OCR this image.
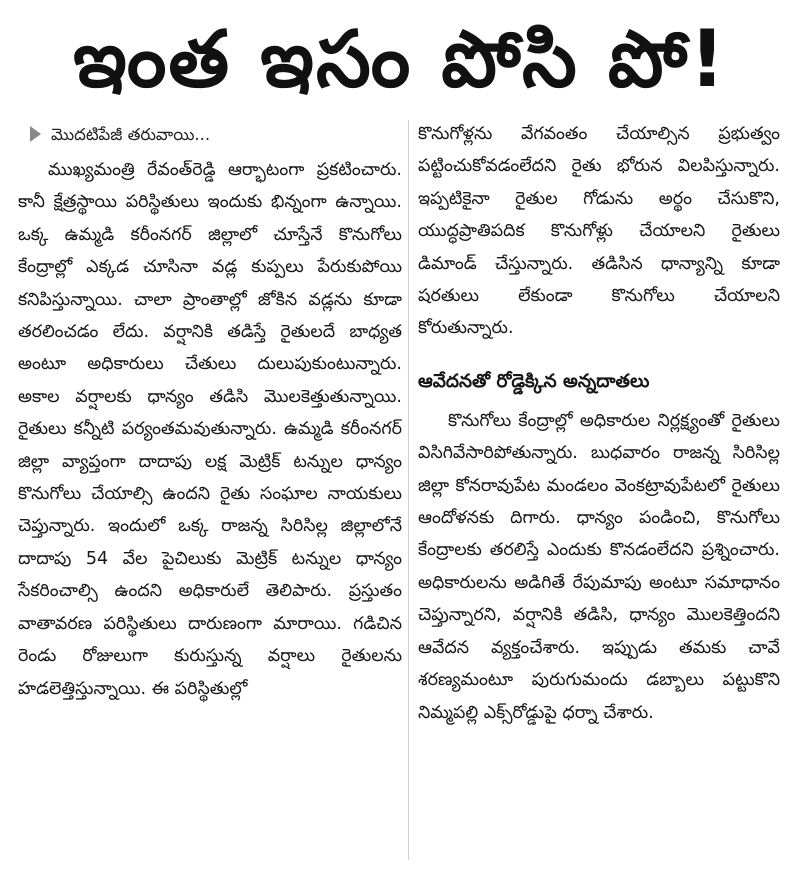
ఇంత ఇసం పోసి పో!
మొదటిపేజీ తరువాయి...

ముఖ్యమంత్రి రేవంత్‌రెడ్డి ఆర్భాటంగా ప్రకటించారు. కానీ క్షేత్రస్థాయి పరిస్థితులు ఇందుకు భిన్నంగా ఉన్నాయి. ఒక్క ఉమ్మడి కరీంనగర్ జిల్లాలో చూస్తేనే కొనుగోలు కేంద్రాల్లో ఎక్కడ చూసినా వడ్ల కుప్పలు పేరుకుపోయి కనిపిస్తున్నాయి. చాలా ప్రాంతాల్లో జోకిన వడ్లను కూడా తరలించడం లేదు. వర్షానికి తడిస్తే రైతులదే బాధ్యత అంటూ అధికారులు చేతులు దులుపుకుంటున్నారు. అకాల వర్షాలకు ధాన్యం తడిసి మొలకెత్తుతున్నాయి. రైతులు కన్నీటి పర్యంతమవుతున్నారు. ఉమ్మడి కరీంనగర్ జిల్లా వ్యాప్తంగా దాదాపు లక్ష మెట్రిక్ టన్నుల ధాన్యం కొనుగోలు చేయాల్సి ఉందని రైతు సంఘాల నాయకులు చెప్తున్నారు. ఇందులో ఒక్క రాజన్న సిరిసిల్ల జిల్లాలోనే దాదాపు 54 వేల పైచిలుకు మెట్రిక్ టన్నుల ధాన్యం సేకరించాల్సి ఉందని అధికారులే తెలిపారు. ప్రస్తుతం వాతావరణ పరిస్థితులు దారుణంగా మారాయి. గడిచిన రెండు రోజులుగా కురుస్తున్న వర్షాలు రైతులను హడలెత్తిస్తున్నాయి. ఈ పరిస్థితుల్లో

కొనుగోళ్లను వేగవంతం చేయాల్సిన ప్రభుత్వం పట్టించుకోవడంలేదని రైతు భోరున విలపిస్తున్నారు. ఇప్పటికైనా రైతుల గోడును అర్థం చేసుకొని, యుద్ధప్రాతిపదిక కొనుగోళ్లు చేయాలని రైతులు డిమాండ్ చేస్తున్నారు. తడిసిన ధాన్యాన్ని కూడా షరతులు లేకుండా కొనుగోలు చేయాలని కోరుతున్నారు.

ఆవేదనతో రోడ్డెక్కిన అన్నదాతలు

కొనుగోలు కేంద్రాల్లో అధికారుల నిర్లక్ష్యంతో రైతులు విసిగివేసారిపోతున్నారు. బుధవారం రాజన్న సిరిసిల్ల జిల్లా కోనరావుపేట మండలం వెంకట్రావుపేటలో రైతులు ఆందోళనకు దిగారు. ధాన్యం పండించి, కొనుగోలు కేంద్రాలకు తరలిస్తే ఎందుకు కొనడంలేదని ప్రశ్నించారు. అధికారులను అడిగితే రేపుమాపు అంటూ సమాధానం చెప్తున్నారని, వర్షానికి తడిసి, ధాన్యం మొలకెత్తిందని ఆవేదన వ్యక్తంచేశారు. ఇప్పుడు తమకు చావే శరణ్యమంటూ పురుగుమందు డబ్బాలు పట్టుకొని నిమ్మపల్లి ఎక్స్‌రోడ్డుపై ధర్నా చేశారు.
